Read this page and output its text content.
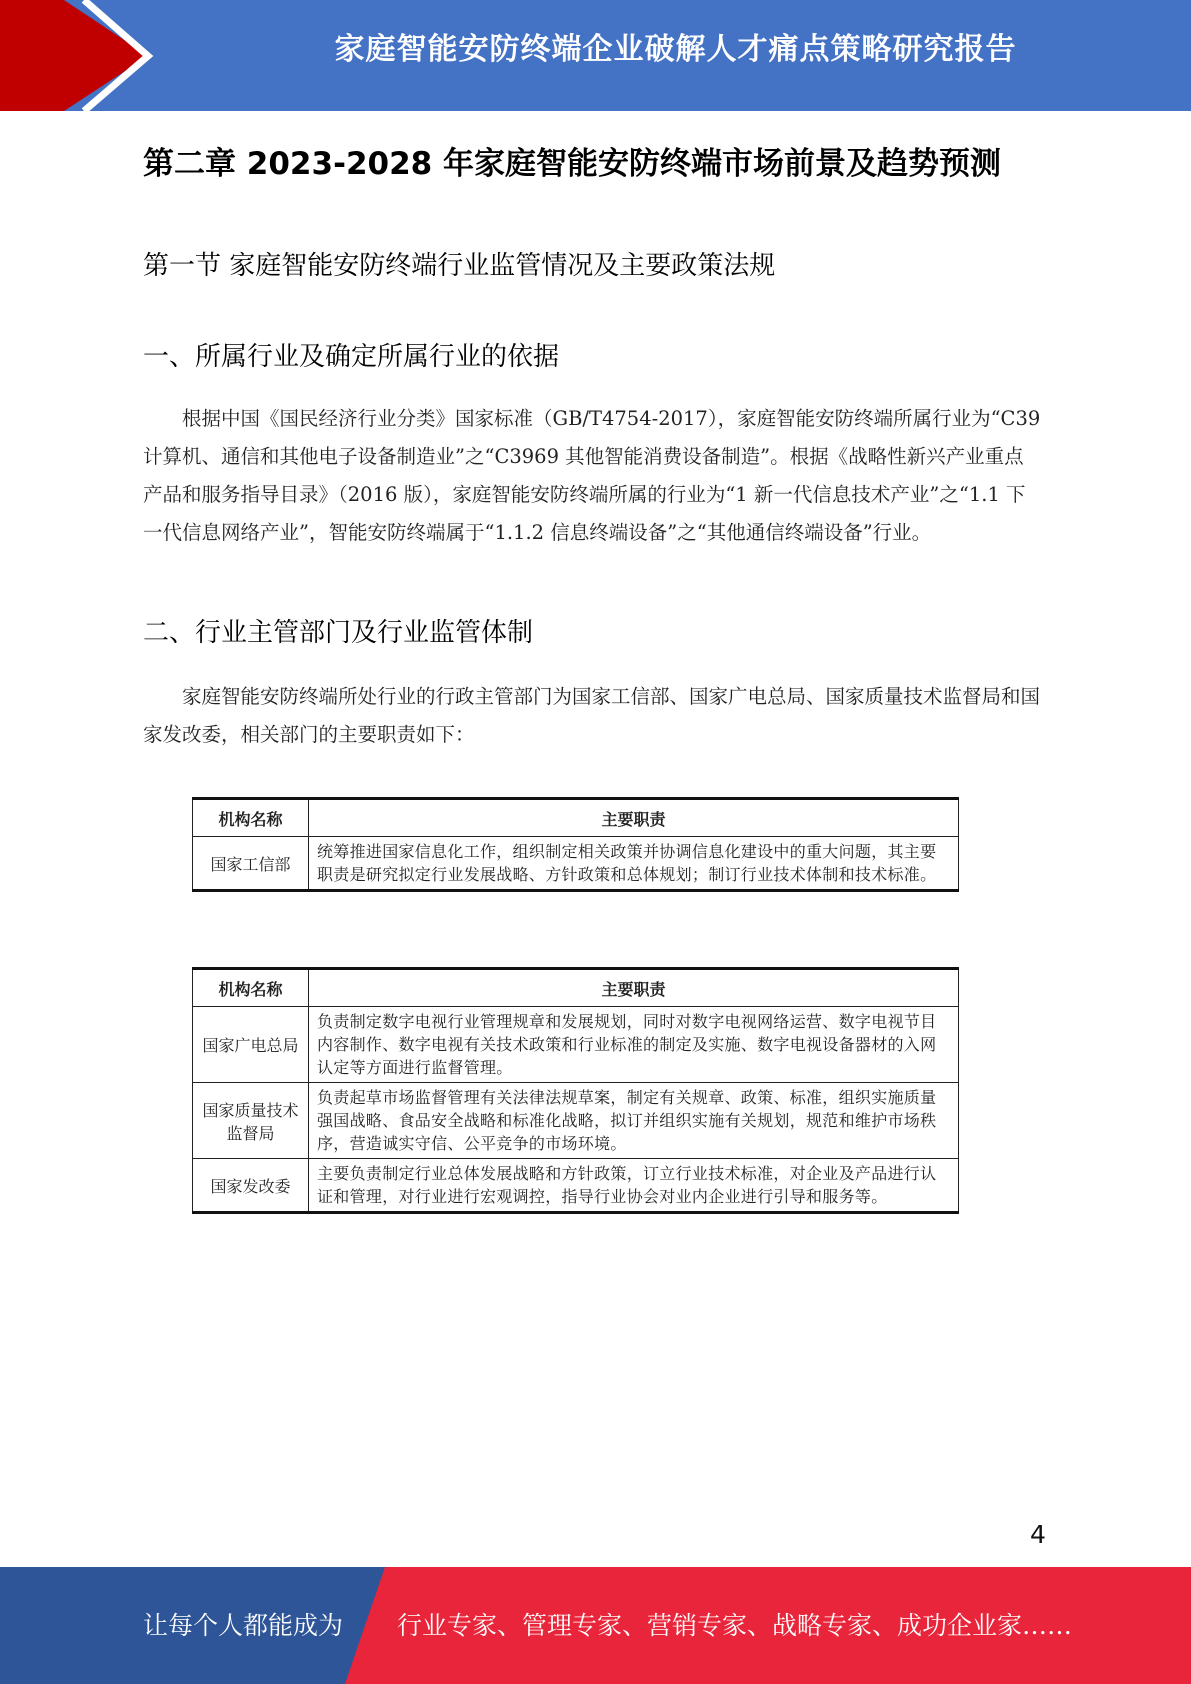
家庭智能安防终端企业破解人才痛点策略研究报告
第二章 2023-2028 年家庭智能安防终端市场前景及趋势预测
第一节 家庭智能安防终端行业监管情况及主要政策法规
一、所属行业及确定所属行业的依据

根据中国《国民经济行业分类》国家标准（GB/T4754-2017），家庭智能安防终端所属行业为“C39 计算机、通信和其他电子设备制造业”之“C3969 其他智能消费设备制造”。根据《战略性新兴产业重点产品和服务指导目录》（2016 版），家庭智能安防终端所属的行业为“1 新一代信息技术产业”之“1.1 下一代信息网络产业”，智能安防终端属于“1.1.2 信息终端设备”之“其他通信终端设备”行业。

二、行业主管部门及行业监管体制

家庭智能安防终端所处行业的行政主管部门为国家工信部、国家广电总局、国家质量技术监督局和国家发改委，相关部门的主要职责如下：

机构名称	主要职责
国家工信部	统筹推进国家信息化工作，组织制定相关政策并协调信息化建设中的重大问题，其主要职责是研究拟定行业发展战略、方针政策和总体规划；制订行业技术体制和技术标准。
机构名称	主要职责
国家广电总局	负责制定数字电视行业管理规章和发展规划，同时对数字电视网络运营、数字电视节目内容制作、数字电视有关技术政策和行业标准的制定及实施、数字电视设备器材的入网认定等方面进行监督管理。
国家质量技术监督局	负责起草市场监督管理有关法律法规草案，制定有关规章、政策、标准，组织实施质量强国战略、食品安全战略和标准化战略，拟订并组织实施有关规划，规范和维护市场秩序，营造诚实守信、公平竞争的市场环境。
国家发改委	主要负责制定行业总体发展战略和方针政策，订立行业技术标准，对企业及产品进行认证和管理，对行业进行宏观调控，指导行业协会对业内企业进行引导和服务等。
4
让每个人都能成为 行业专家、管理专家、营销专家、战略专家、成功企业家……
